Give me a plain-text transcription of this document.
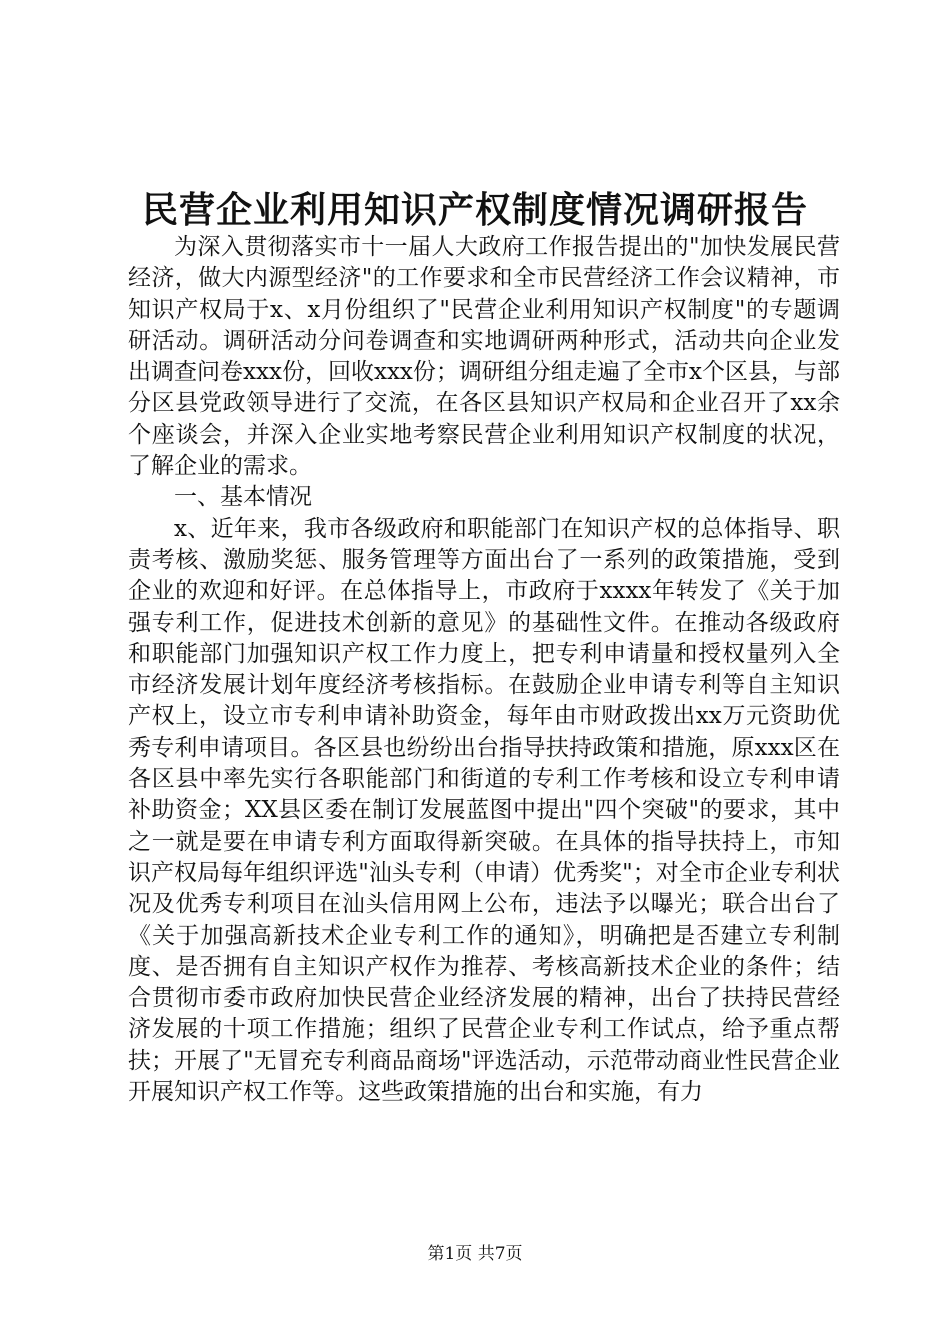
民营企业利用知识产权制度情况调研报告

为深入贯彻落实市十一届人大政府工作报告提出的"加快发展民营经济，做大内源型经济"的工作要求和全市民营经济工作会议精神，市知识产权局于x、x月份组织了"民营企业利用知识产权制度"的专题调研活动。调研活动分问卷调查和实地调研两种形式，活动共向企业发出调查问卷xxx份，回收xxx份；调研组分组走遍了全市x个区县，与部分区县党政领导进行了交流，在各区县知识产权局和企业召开了xx余个座谈会，并深入企业实地考察民营企业利用知识产权制度的状况，了解企业的需求。

一、基本情况

x、近年来，我市各级政府和职能部门在知识产权的总体指导、职责考核、激励奖惩、服务管理等方面出台了一系列的政策措施，受到企业的欢迎和好评。在总体指导上，市政府于xxxx年转发了《关于加强专利工作，促进技术创新的意见》的基础性文件。在推动各级政府和职能部门加强知识产权工作力度上，把专利申请量和授权量列入全市经济发展计划年度经济考核指标。在鼓励企业申请专利等自主知识产权上，设立市专利申请补助资金，每年由市财政拨出xx万元资助优秀专利申请项目。各区县也纷纷出台指导扶持政策和措施，原xxx区在各区县中率先实行各职能部门和街道的专利工作考核和设立专利申请补助资金；XX县区委在制订发展蓝图中提出"四个突破"的要求，其中之一就是要在申请专利方面取得新突破。在具体的指导扶持上，市知识产权局每年组织评选"汕头专利（申请）优秀奖"；对全市企业专利状况及优秀专利项目在汕头信用网上公布，违法予以曝光；联合出台了《关于加强高新技术企业专利工作的通知》，明确把是否建立专利制度、是否拥有自主知识产权作为推荐、考核高新技术企业的条件；结合贯彻市委市政府加快民营企业经济发展的精神，出台了扶持民营经济发展的十项工作措施；组织了民营企业专利工作试点，给予重点帮扶；开展了"无冒充专利商品商场"评选活动，示范带动商业性民营企业开展知识产权工作等。这些政策措施的出台和实施，有力

第1页 共7页
